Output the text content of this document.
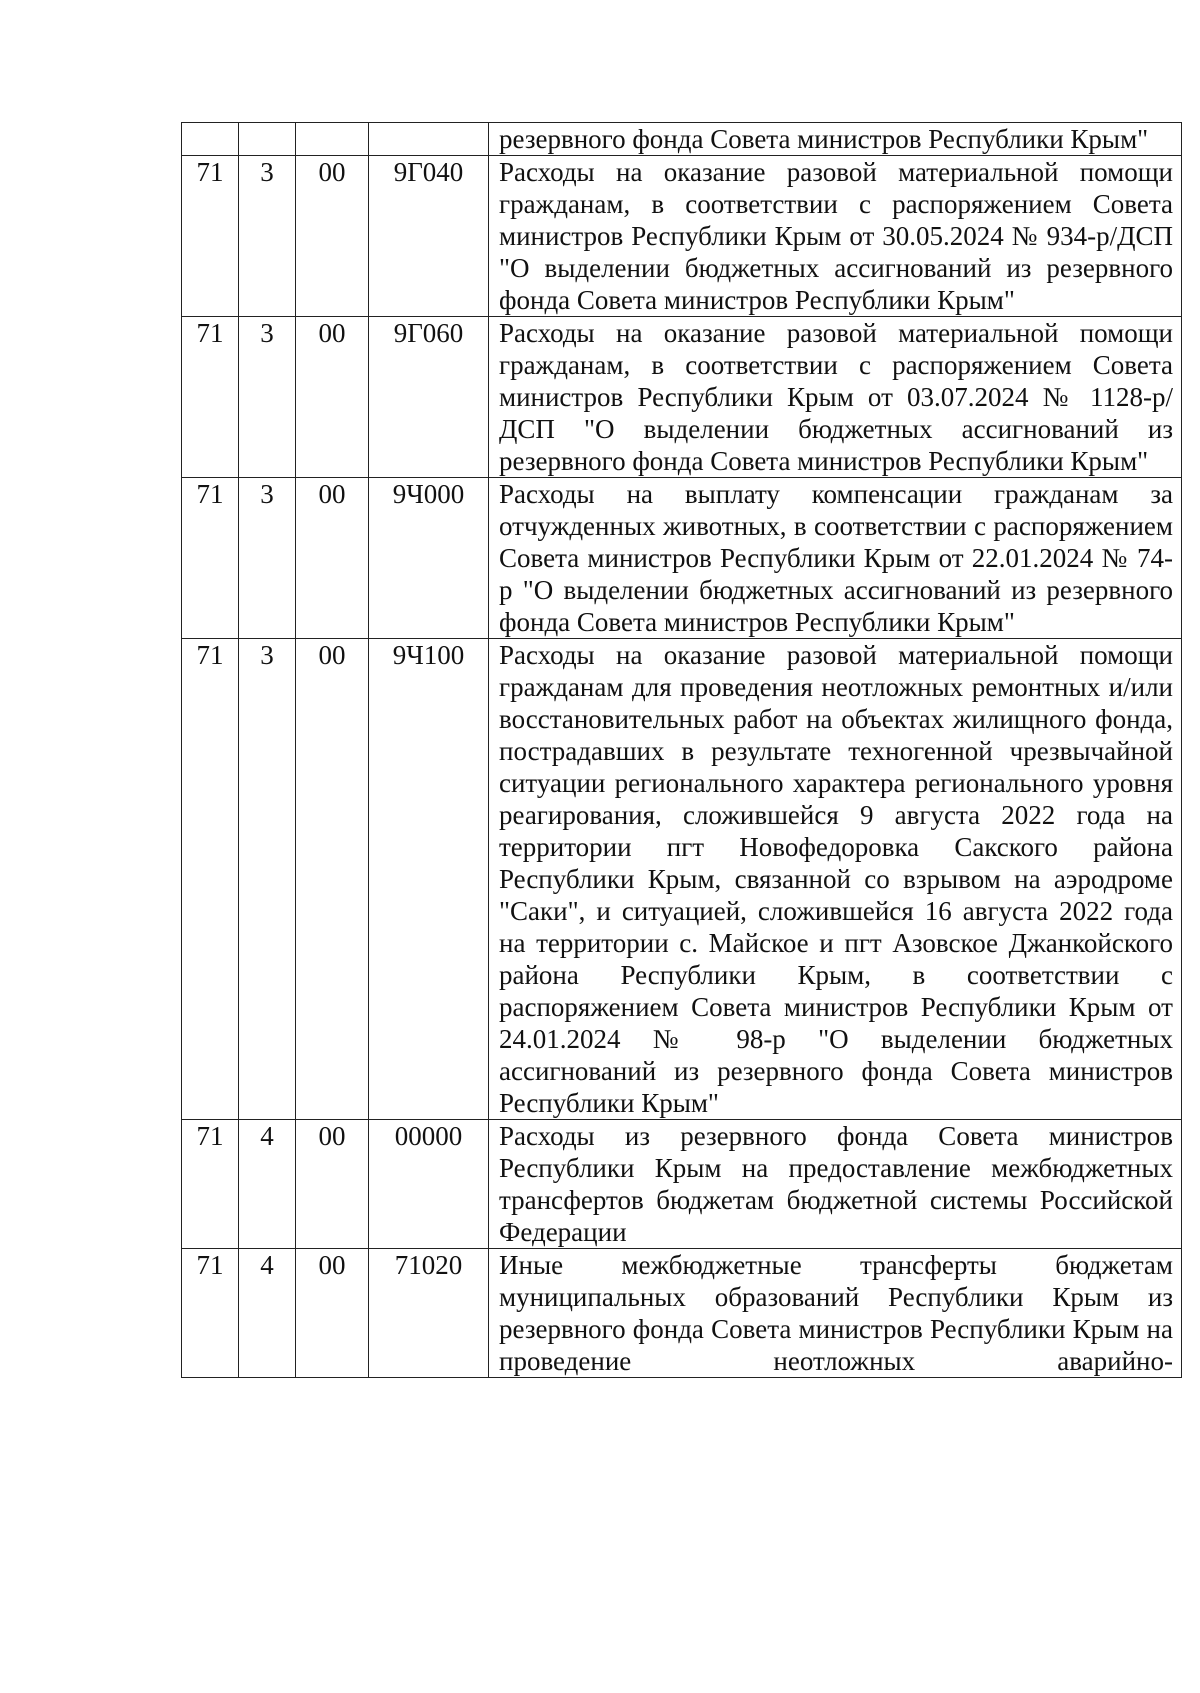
				резервного фонда Совета министров Республики Крым"
71	3	00	9Г040	Расходы на оказание разовой материальной помощи гражданам, в соответствии с распоряжением Совета министров Республики Крым от 30.05.2024 № 934-р/ДСП "О выделении бюджетных ассигнований из резервного фонда Совета министров Республики Крым"
71	3	00	9Г060	Расходы на оказание разовой материальной помощи гражданам, в соответствии с распоряжением Совета министров Республики Крым от 03.07.2024 № 1128-р/ДСП "О выделении бюджетных ассигнований из резервного фонда Совета министров Республики Крым"
71	3	00	9Ч000	Расходы на выплату компенсации гражданам за отчужденных животных, в соответствии с распоряжением Совета министров Республики Крым от 22.01.2024 № 74-р "О выделении бюджетных ассигнований из резервного фонда Совета министров Республики Крым"
71	3	00	9Ч100	Расходы на оказание разовой материальной помощи гражданам для проведения неотложных ремонтных и/или восстановительных работ на объектах жилищного фонда, пострадавших в результате техногенной чрезвычайной ситуации регионального характера регионального уровня реагирования, сложившейся 9 августа 2022 года на территории пгт Новофедоровка Сакского района Республики Крым, связанной со взрывом на аэродроме "Саки", и ситуацией, сложившейся 16 августа 2022 года на территории с. Майское и пгт Азовское Джанкойского района Республики Крым, в соответствии с распоряжением Совета министров Республики Крым от 24.01.2024 № 98-р "О выделении бюджетных ассигнований из резервного фонда Совета министров Республики Крым"
71	4	00	00000	Расходы из резервного фонда Совета министров Республики Крым на предоставление межбюджетных трансфертов бюджетам бюджетной системы Российской Федерации
71	4	00	71020	Иные межбюджетные трансферты бюджетам муниципальных образований Республики Крым из резервного фонда Совета министров Республики Крым на проведение неотложных аварийно-
